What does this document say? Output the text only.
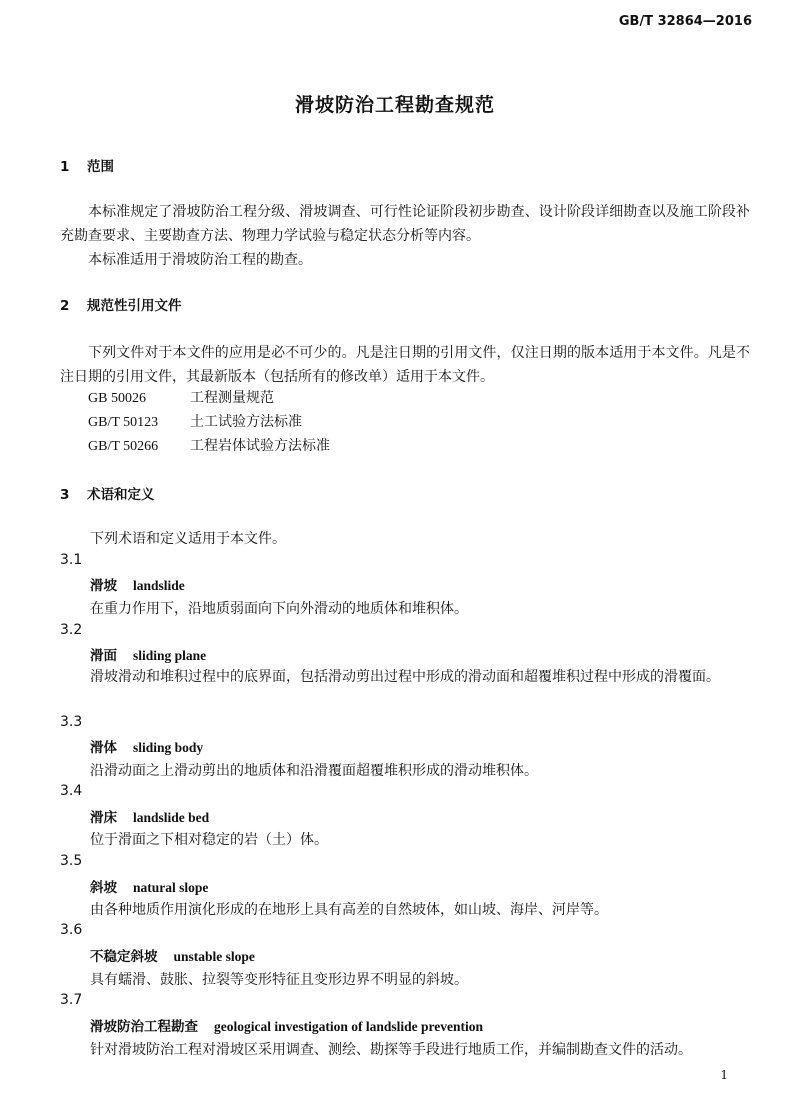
GB/T 32864—2016
滑坡防治工程勘查规范
1 范围

本标准规定了滑坡防治工程分级、滑坡调查、可行性论证阶段初步勘查、设计阶段详细勘查以及施工阶段补充勘查要求、主要勘查方法、物理力学试验与稳定状态分析等内容。

本标准适用于滑坡防治工程的勘查。

2 规范性引用文件

下列文件对于本文件的应用是必不可少的。凡是注日期的引用文件，仅注日期的版本适用于本文件。凡是不注日期的引用文件，其最新版本（包括所有的修改单）适用于本文件。

GB 50026	工程测量规范
GB/T 50123 土工试验方法标准
GB/T 50266 工程岩体试验方法标准
3 术语和定义
下列术语和定义适用于本文件。
3.1
滑坡 landslide
在重力作用下，沿地质弱面向下向外滑动的地质体和堆积体。
3.2
滑面 sliding plane
滑坡滑动和堆积过程中的底界面，包括滑动剪出过程中形成的滑动面和超覆堆积过程中形成的滑覆面。
3.3
滑体 sliding body
沿滑动面之上滑动剪出的地质体和沿滑覆面超覆堆积形成的滑动堆积体。
3.4
滑床 landslide bed
位于滑面之下相对稳定的岩（土）体。
3.5
斜坡 natural slope
由各种地质作用演化形成的在地形上具有高差的自然坡体，如山坡、海岸、河岸等。
3.6
不稳定斜坡 unstable slope
具有蠕滑、鼓胀、拉裂等变形特征且变形边界不明显的斜坡。
3.7
滑坡防治工程勘查 geological investigation of landslide prevention
针对滑坡防治工程对滑坡区采用调查、测绘、勘探等手段进行地质工作，并编制勘查文件的活动。
1
